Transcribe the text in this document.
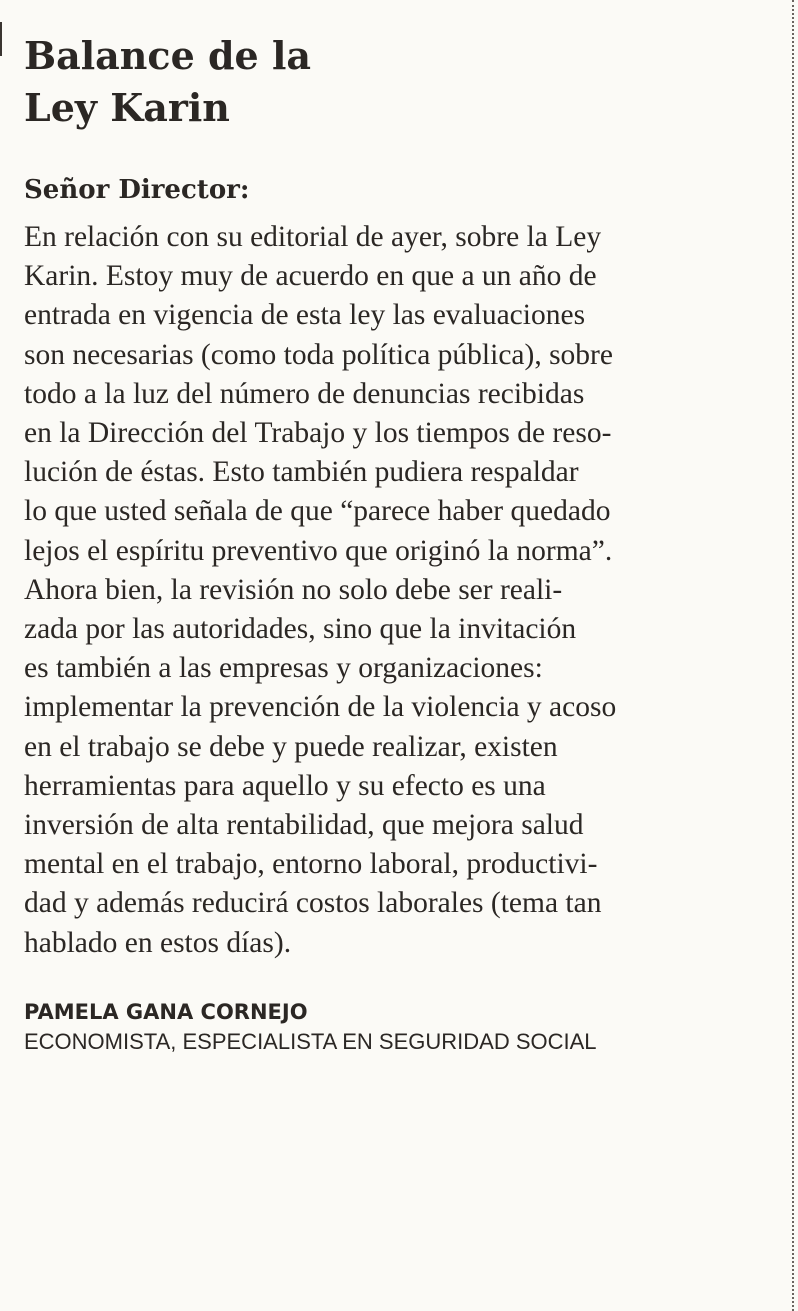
Balance de la
Ley Karin
Señor Director:

En relación con su editorial de ayer, sobre la Ley
Karin. Estoy muy de acuerdo en que a un año de
entrada en vigencia de esta ley las evaluaciones
son necesarias (como toda política pública), sobre
todo a la luz del número de denuncias recibidas
en la Dirección del Trabajo y los tiempos de reso-
lución de éstas. Esto también pudiera respaldar
lo que usted señala de que “parece haber quedado
lejos el espíritu preventivo que originó la norma”.
Ahora bien, la revisión no solo debe ser reali-
zada por las autoridades, sino que la invitación
es también a las empresas y organizaciones:
implementar la prevención de la violencia y acoso
en el trabajo se debe y puede realizar, existen
herramientas para aquello y su efecto es una
inversión de alta rentabilidad, que mejora salud
mental en el trabajo, entorno laboral, productivi-
dad y además reducirá costos laborales (tema tan
hablado en estos días).

PAMELA GANA CORNEJO
ECONOMISTA, ESPECIALISTA EN SEGURIDAD SOCIAL
